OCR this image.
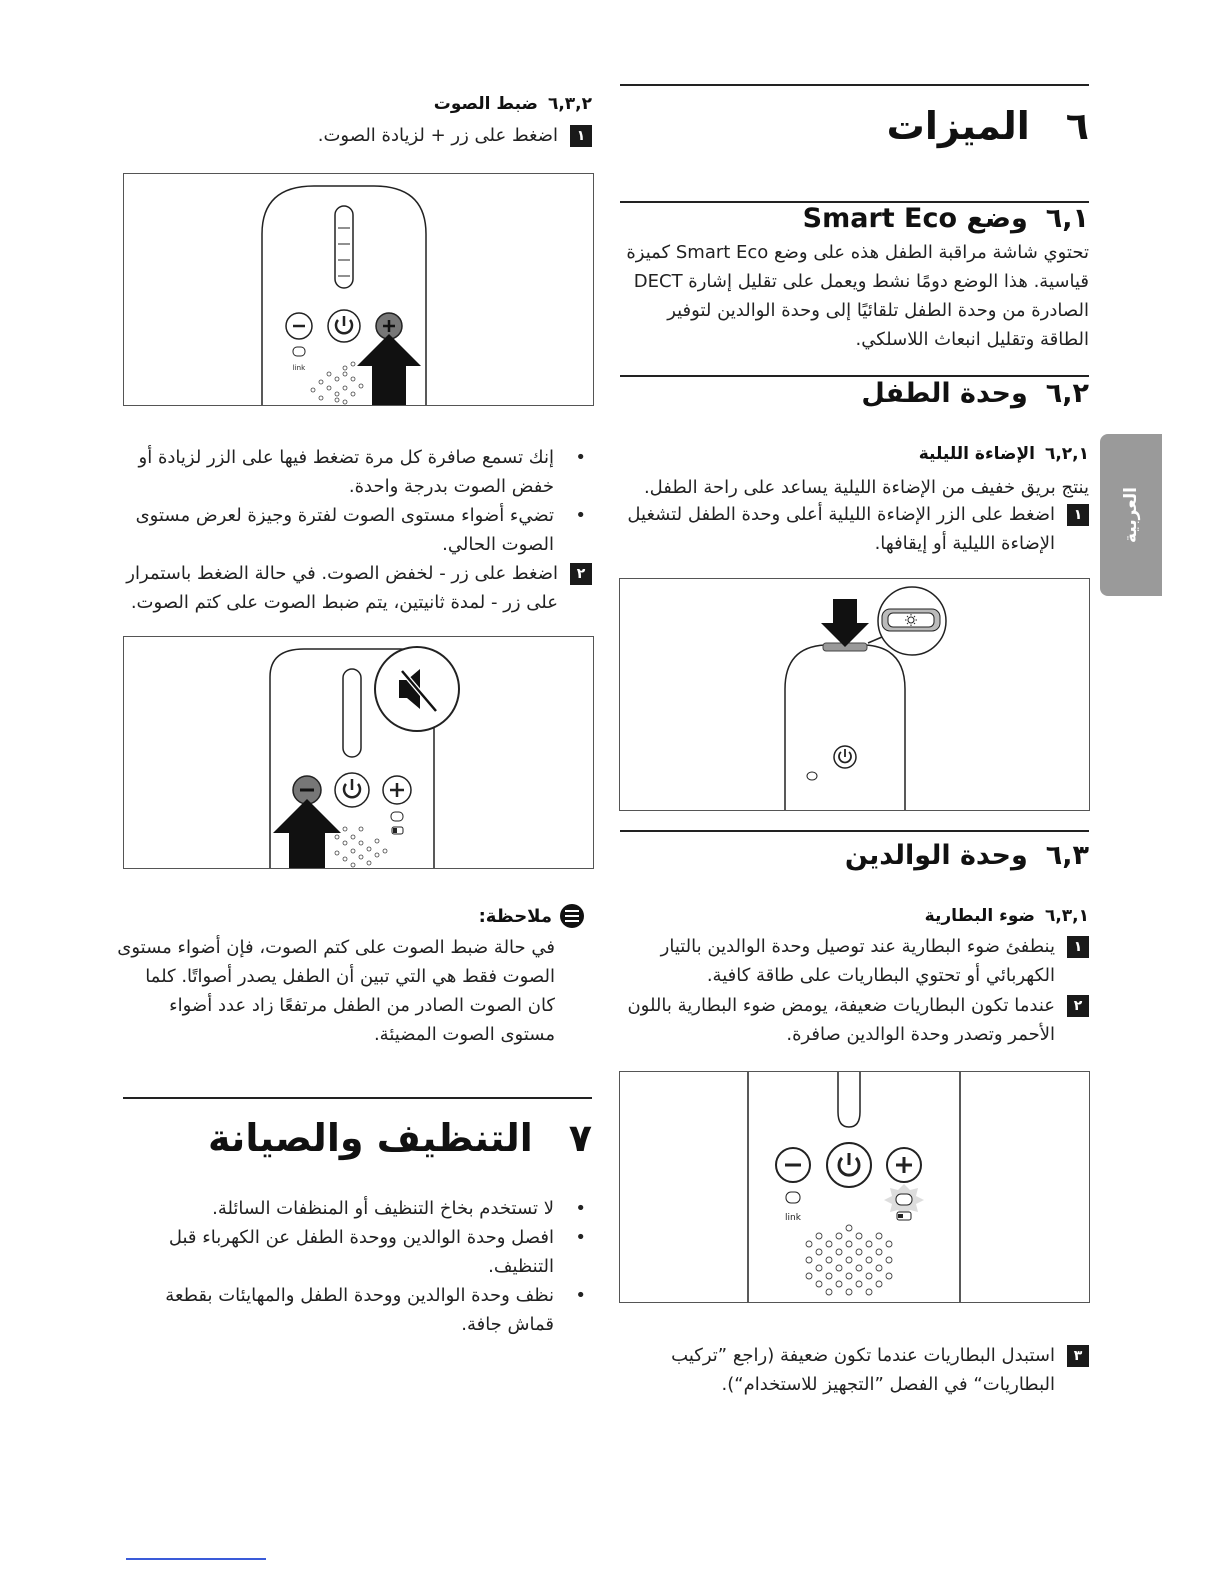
العربية
٦
الميزات
٦,١
وضع Smart Eco
تحتوي شاشة مراقبة الطفل هذه على وضع Smart Eco كميزة قياسية. هذا الوضع دومًا نشط ويعمل على تقليل إشارة DECT الصادرة من وحدة الطفل تلقائيًا إلى وحدة الوالدين لتوفير الطاقة وتقليل انبعاث اللاسلكي.
٦,٢
وحدة الطفل
٦,٢,١
الإضاءة الليلية
ينتج بريق خفيف من الإضاءة الليلية يساعد على راحة الطفل.
١
اضغط على الزر الإضاءة الليلية أعلى وحدة الطفل لتشغيل الإضاءة الليلية أو إيقافها.
٦,٣
وحدة الوالدين
٦,٣,١
ضوء البطارية
١
ينطفئ ضوء البطارية عند توصيل وحدة الوالدين بالتيار الكهربائي أو تحتوي البطاريات على طاقة كافية.
٢
عندما تكون البطاريات ضعيفة، يومض ضوء البطارية باللون الأحمر وتصدر وحدة الوالدين صافرة.
link
٣
استبدل البطاريات عندما تكون ضعيفة (راجع ”تركيب البطاريات“ في الفصل ”التجهيز للاستخدام“).
٦,٣,٢
ضبط الصوت
١
اضغط على زر + لزيادة الصوت.
link
• إنك تسمع صافرة كل مرة تضغط فيها على الزر لزيادة أو خفض الصوت بدرجة واحدة.
• تضيء أضواء مستوى الصوت لفترة وجيزة لعرض مستوى الصوت الحالي.
٢
اضغط على زر - لخفض الصوت. في حالة الضغط باستمرار على زر - لمدة ثانيتين، يتم ضبط الصوت على كتم الصوت.
ملاحظة:
في حالة ضبط الصوت على كتم الصوت، فإن أضواء مستوى الصوت فقط هي التي تبين أن الطفل يصدر أصواتًا. كلما كان الصوت الصادر من الطفل مرتفعًا زاد عدد أضواء مستوى الصوت المضيئة.
٧
التنظيف والصيانة
• لا تستخدم بخاخ التنظيف أو المنظفات السائلة.
• افصل وحدة الوالدين ووحدة الطفل عن الكهرباء قبل التنظيف.
• نظف وحدة الوالدين ووحدة الطفل والمهايئات بقطعة قماش جافة.
